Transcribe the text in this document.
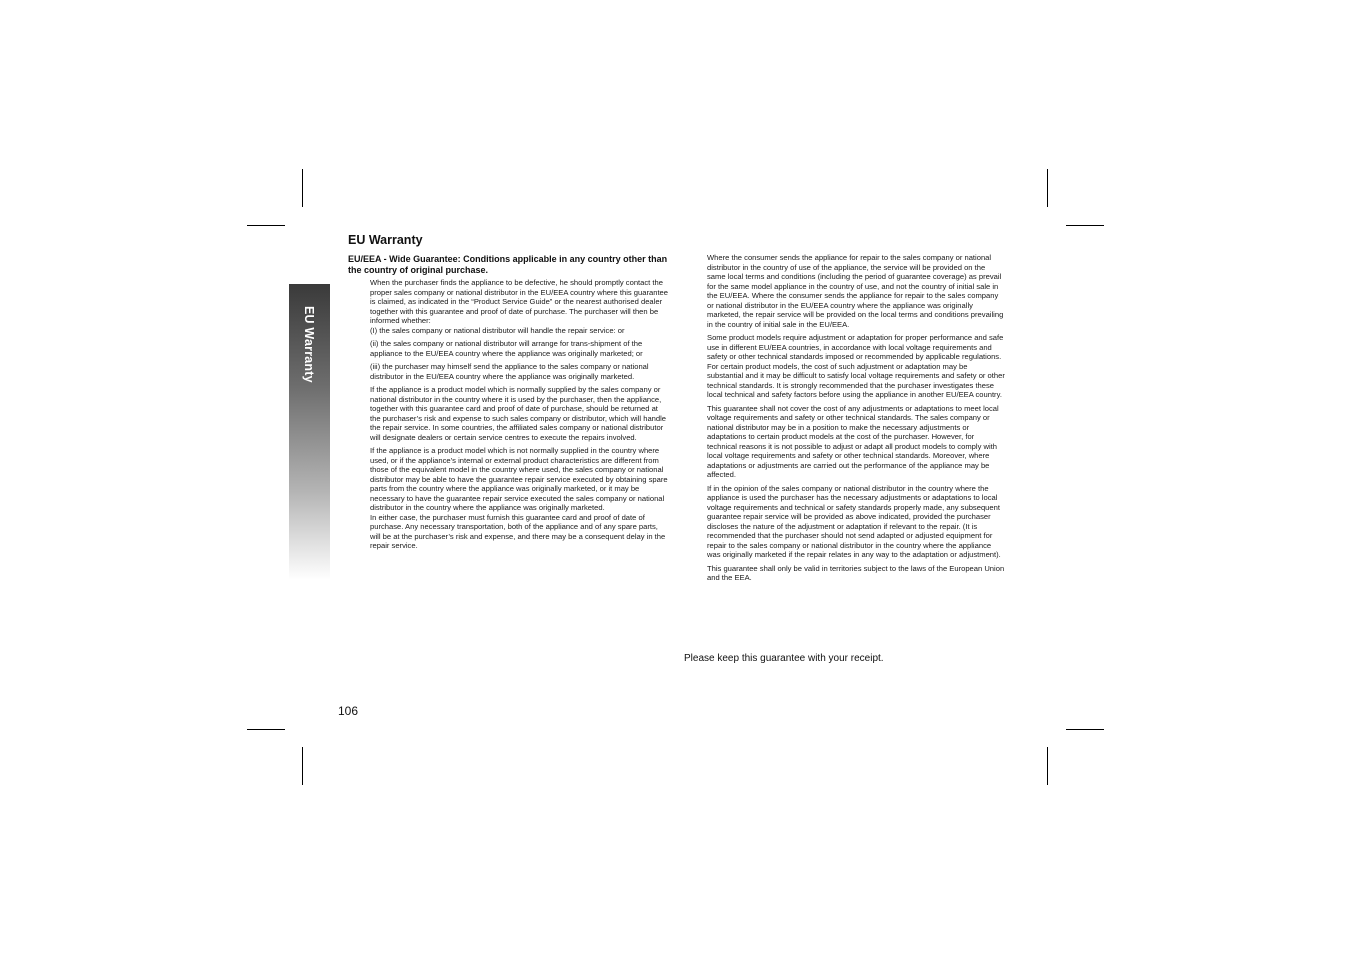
EU Warranty
EU Warranty

EU/EEA - Wide Guarantee: Conditions applicable in any country other than the country of original purchase.

When the purchaser finds the appliance to be defective, he should promptly contact the proper sales company or national distributor in the EU/EEA country where this guarantee is claimed, as indicated in the “Product Service Guide” or the nearest authorised dealer together with this guarantee and proof of date of purchase. The purchaser will then be informed whether:

(I) the sales company or national distributor will handle the repair service: or

(ii) the sales company or national distributor will arrange for trans-shipment of the appliance to the EU/EEA country where the appliance was originally marketed; or

(iii) the purchaser may himself send the appliance to the sales company or national distributor in the EU/EEA country where the appliance was originally marketed.

If the appliance is a product model which is normally supplied by the sales company or national distributor in the country where it is used by the purchaser, then the appliance, together with this guarantee card and proof of date of purchase, should be returned at the purchaser’s risk and expense to such sales company or distributor, which will handle the repair service. In some countries, the affiliated sales company or national distributor will designate dealers or certain service centres to execute the repairs involved.

If the appliance is a product model which is not normally supplied in the country where used, or if the appliance’s internal or external product characteristics are different from those of the equivalent model in the country where used, the sales company or national distributor may be able to have the guarantee repair service executed by obtaining spare parts from the country where the appliance was originally marketed, or it may be necessary to have the guarantee repair service executed the sales company or national distributor in the country where the appliance was originally marketed.

In either case, the purchaser must furnish this guarantee card and proof of date of purchase. Any necessary transportation, both of the appliance and of any spare parts, will be at the purchaser’s risk and expense, and there may be a consequent delay in the repair service.

Where the consumer sends the appliance for repair to the sales company or national distributor in the country of use of the appliance, the service will be provided on the same local terms and conditions (including the period of guarantee coverage) as prevail for the same model appliance in the country of use, and not the country of initial sale in the EU/EEA. Where the consumer sends the appliance for repair to the sales company or national distributor in the EU/EEA country where the appliance was originally marketed, the repair service will be provided on the local terms and conditions prevailing in the country of initial sale in the EU/EEA.

Some product models require adjustment or adaptation for proper performance and safe use in different EU/EEA countries, in accordance with local voltage requirements and safety or other technical standards imposed or recommended by applicable regulations. For certain product models, the cost of such adjustment or adaptation may be substantial and it may be difficult to satisfy local voltage requirements and safety or other technical standards. It is strongly recommended that the purchaser investigates these local technical and safety factors before using the appliance in another EU/EEA country.

This guarantee shall not cover the cost of any adjustments or adaptations to meet local voltage requirements and safety or other technical standards. The sales company or national distributor may be in a position to make the necessary adjustments or adaptations to certain product models at the cost of the purchaser. However, for technical reasons it is not possible to adjust or adapt all product models to comply with local voltage requirements and safety or other technical standards. Moreover, where adaptations or adjustments are carried out the performance of the appliance may be affected.

If in the opinion of the sales company or national distributor in the country where the appliance is used the purchaser has the necessary adjustments or adaptations to local voltage requirements and technical or safety standards properly made, any subsequent guarantee repair service will be provided as above indicated, provided the purchaser discloses the nature of the adjustment or adaptation if relevant to the repair. (It is recommended that the purchaser should not send adapted or adjusted equipment for repair to the sales company or national distributor in the country where the appliance was originally marketed if the repair relates in any way to the adaptation or adjustment).

This guarantee shall only be valid in territories subject to the laws of the European Union and the EEA.

Please keep this guarantee with your receipt.

106
